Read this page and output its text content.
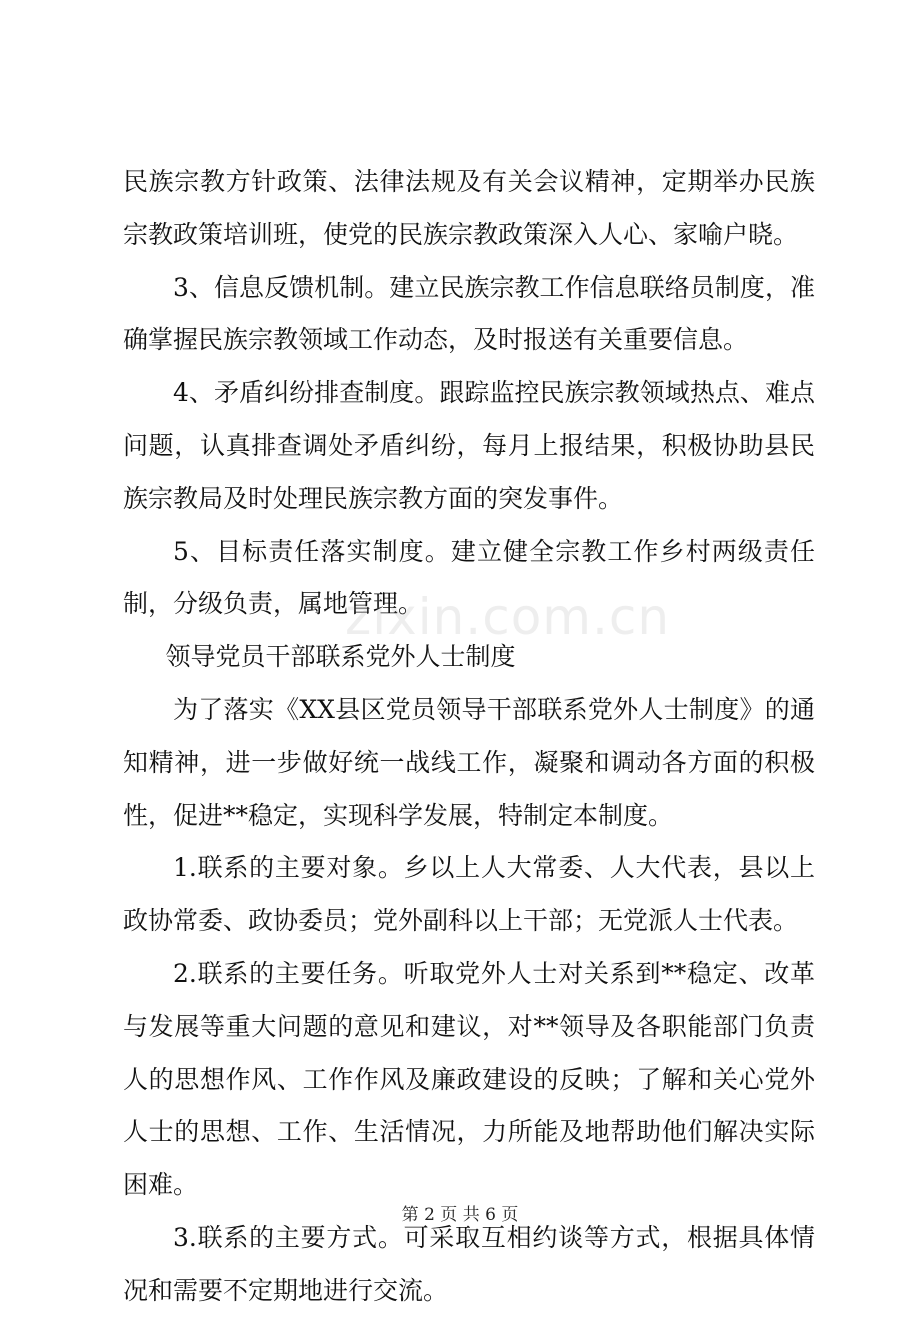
民族宗教方针政策、法律法规及有关会议精神，定期举办民族宗教政策培训班，使党的民族宗教政策深入人心、家喻户晓。

3、信息反馈机制。建立民族宗教工作信息联络员制度，准确掌握民族宗教领域工作动态，及时报送有关重要信息。

4、矛盾纠纷排查制度。跟踪监控民族宗教领域热点、难点问题，认真排查调处矛盾纠纷，每月上报结果，积极协助县民族宗教局及时处理民族宗教方面的突发事件。

5、目标责任落实制度。建立健全宗教工作乡村两级责任制，分级负责，属地管理。

领导党员干部联系党外人士制度

为了落实《XX县区党员领导干部联系党外人士制度》的通知精神，进一步做好统一战线工作，凝聚和调动各方面的积极性，促进**稳定，实现科学发展，特制定本制度。

1.联系的主要对象。乡以上人大常委、人大代表，县以上政协常委、政协委员；党外副科以上干部；无党派人士代表。

2.联系的主要任务。听取党外人士对关系到**稳定、改革与发展等重大问题的意见和建议，对**领导及各职能部门负责人的思想作风、工作作风及廉政建设的反映；了解和关心党外人士的思想、工作、生活情况，力所能及地帮助他们解决实际困难。

3.联系的主要方式。可采取互相约谈等方式，根据具体情况和需要不定期地进行交流。

zixin.com.cn
第 2 页 共 6 页
